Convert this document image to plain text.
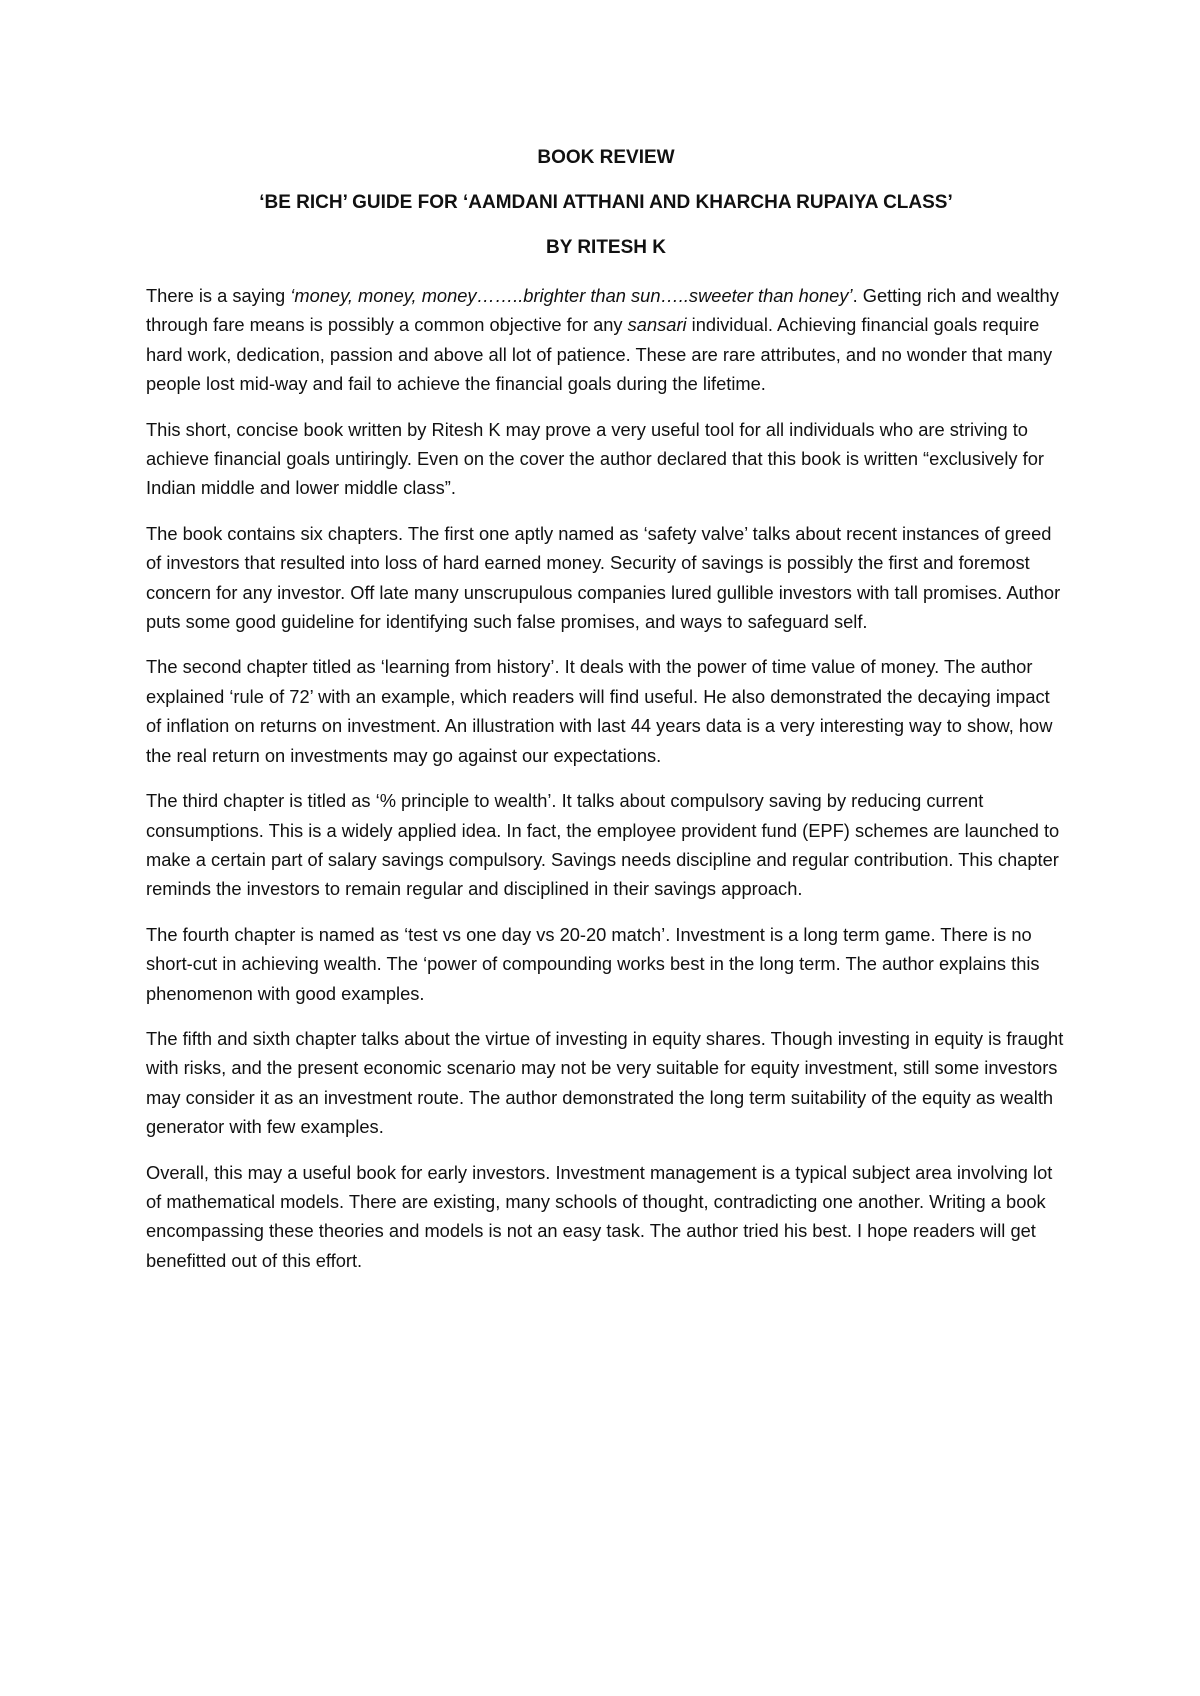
BOOK REVIEW
‘BE RICH’ GUIDE FOR ‘AAMDANI ATTHANI AND KHARCHA RUPAIYA CLASS’
BY RITESH K

There is a saying ‘money, money, money……..brighter than sun…..sweeter than honey’. Getting rich and wealthy through fare means is possibly a common objective for any sansari individual. Achieving financial goals require hard work, dedication, passion and above all lot of patience. These are rare attributes, and no wonder that many people lost mid-way and fail to achieve the financial goals during the lifetime.

This short, concise book written by Ritesh K may prove a very useful tool for all individuals who are striving to achieve financial goals untiringly. Even on the cover the author declared that this book is written “exclusively for Indian middle and lower middle class”.

The book contains six chapters. The first one aptly named as ‘safety valve’ talks about recent instances of greed of investors that resulted into loss of hard earned money. Security of savings is possibly the first and foremost concern for any investor. Off late many unscrupulous companies lured gullible investors with tall promises. Author puts some good guideline for identifying such false promises, and ways to safeguard self.

The second chapter titled as ‘learning from history’. It deals with the power of time value of money. The author explained ‘rule of 72’ with an example, which readers will find useful. He also demonstrated the decaying impact of inflation on returns on investment. An illustration with last 44 years data is a very interesting way to show, how the real return on investments may go against our expectations.

The third chapter is titled as ‘% principle to wealth’. It talks about compulsory saving by reducing current consumptions. This is a widely applied idea. In fact, the employee provident fund (EPF) schemes are launched to make a certain part of salary savings compulsory. Savings needs discipline and regular contribution. This chapter reminds the investors to remain regular and disciplined in their savings approach.

The fourth chapter is named as ‘test vs one day vs 20-20 match’. Investment is a long term game. There is no short-cut in achieving wealth. The ‘power of compounding works best in the long term. The author explains this phenomenon with good examples.

The fifth and sixth chapter talks about the virtue of investing in equity shares. Though investing in equity is fraught with risks, and the present economic scenario may not be very suitable for equity investment, still some investors may consider it as an investment route. The author demonstrated the long term suitability of the equity as wealth generator with few examples.

Overall, this may a useful book for early investors. Investment management is a typical subject area involving lot of mathematical models. There are existing, many schools of thought, contradicting one another. Writing a book encompassing these theories and models is not an easy task. The author tried his best. I hope readers will get benefitted out of this effort.
